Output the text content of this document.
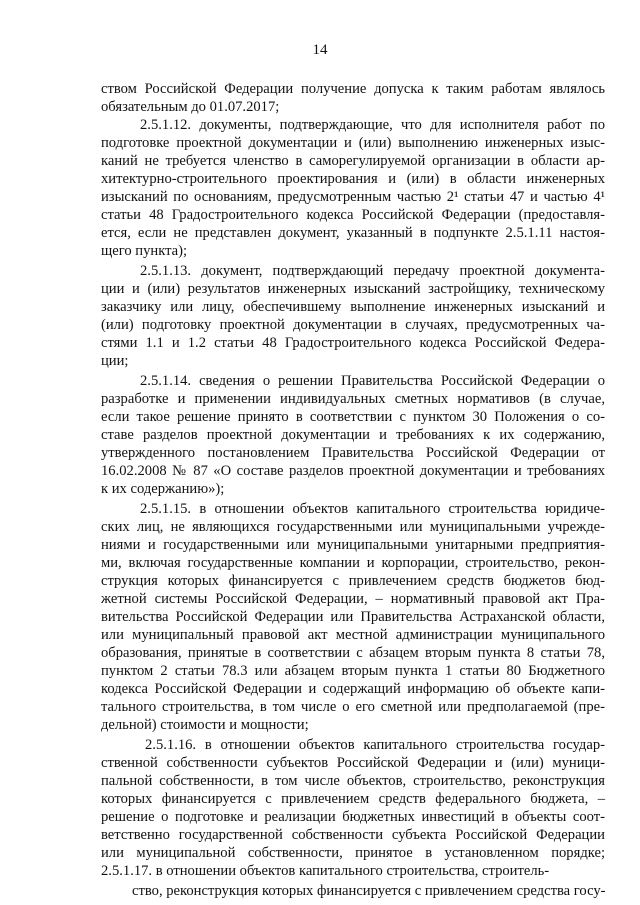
14
ством Российской Федерации получение допуска к таким работам являлось
обязательным до 01.07.2017;
2.5.1.12. документы, подтверждающие, что для исполнителя работ по
подготовке проектной документации и (или) выполнению инженерных изыс-
каний не требуется членство в саморегулируемой организации в области ар-
хитектурно-строительного проектирования и (или) в области инженерных
изысканий по основаниям, предусмотренным частью 2¹ статьи 47 и частью 4¹
статьи 48 Градостроительного кодекса Российской Федерации (предоставля-
ется, если не представлен документ, указанный в подпункте 2.5.1.11 настоя-
щего пункта);
2.5.1.13. документ, подтверждающий передачу проектной документа-
ции и (или) результатов инженерных изысканий застройщику, техническому
заказчику или лицу, обеспечившему выполнение инженерных изысканий и
(или) подготовку проектной документации в случаях, предусмотренных ча-
стями 1.1 и 1.2 статьи 48 Градостроительного кодекса Российской Федера-
ции;
2.5.1.14. сведения о решении Правительства Российской Федерации о
разработке и применении индивидуальных сметных нормативов (в случае,
если такое решение принято в соответствии с пунктом 30 Положения о со-
ставе разделов проектной документации и требованиях к их содержанию,
утвержденного постановлением Правительства Российской Федерации от
16.02.2008 № 87 «О составе разделов проектной документации и требованиях
к их содержанию»);
2.5.1.15. в отношении объектов капитального строительства юридиче-
ских лиц, не являющихся государственными или муниципальными учрежде-
ниями и государственными или муниципальными унитарными предприятия-
ми, включая государственные компании и корпорации, строительство, рекон-
струкция которых финансируется с привлечением средств бюджетов бюд-
жетной системы Российской Федерации, – нормативный правовой акт Пра-
вительства Российской Федерации или Правительства Астраханской области,
или муниципальный правовой акт местной администрации муниципального
образования, принятые в соответствии с абзацем вторым пункта 8 статьи 78,
пунктом 2 статьи 78.3 или абзацем вторым пункта 1 статьи 80 Бюджетного
кодекса Российской Федерации и содержащий информацию об объекте капи-
тального строительства, в том числе о его сметной или предполагаемой (пре-
дельной) стоимости и мощности;
2.5.1.16. в отношении объектов капитального строительства государ-
ственной собственности субъектов Российской Федерации и (или) муници-
пальной собственности, в том числе объектов, строительство, реконструкция
которых финансируется с привлечением средств федерального бюджета, –
решение о подготовке и реализации бюджетных инвестиций в объекты соот-
ветственно государственной собственности субъекта Российской Федерации
или муниципальной собственности, принятое в установленном порядке;
2.5.1.17. в отношении объектов капитального строительства, строитель-
ство, реконструкция которых финансируется с привлечением средства госу-
